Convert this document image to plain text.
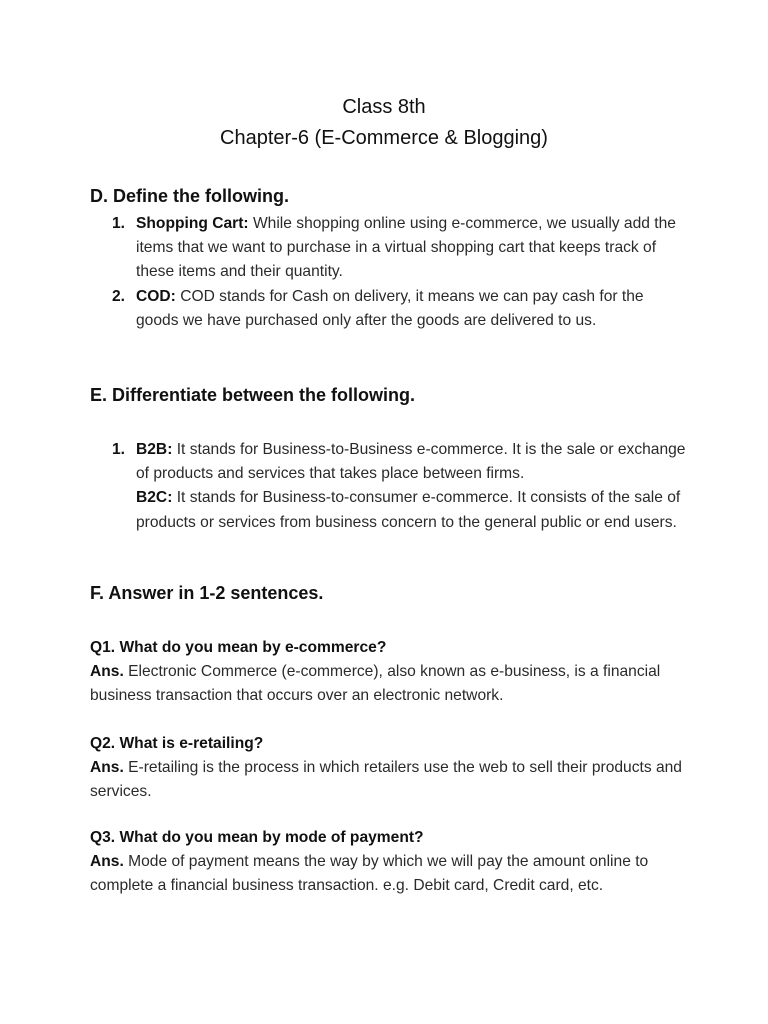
Class 8th
Chapter-6 (E-Commerce & Blogging)
D. Define the following.
1. Shopping Cart: While shopping online using e-commerce, we usually add the items that we want to purchase in a virtual shopping cart that keeps track of these items and their quantity.
2. COD: COD stands for Cash on delivery, it means we can pay cash for the goods we have purchased only after the goods are delivered to us.
E. Differentiate between the following.
1. B2B: It stands for Business-to-Business e-commerce. It is the sale or exchange of products and services that takes place between firms.
B2C: It stands for Business-to-consumer e-commerce. It consists of the sale of products or services from business concern to the general public or end users.
F. Answer in 1-2 sentences.
Q1. What do you mean by e-commerce?
Ans. Electronic Commerce (e-commerce), also known as e-business, is a financial business transaction that occurs over an electronic network.
Q2. What is e-retailing?
Ans. E-retailing is the process in which retailers use the web to sell their products and services.
Q3. What do you mean by mode of payment?
Ans. Mode of payment means the way by which we will pay the amount online to complete a financial business transaction. e.g. Debit card, Credit card, etc.
